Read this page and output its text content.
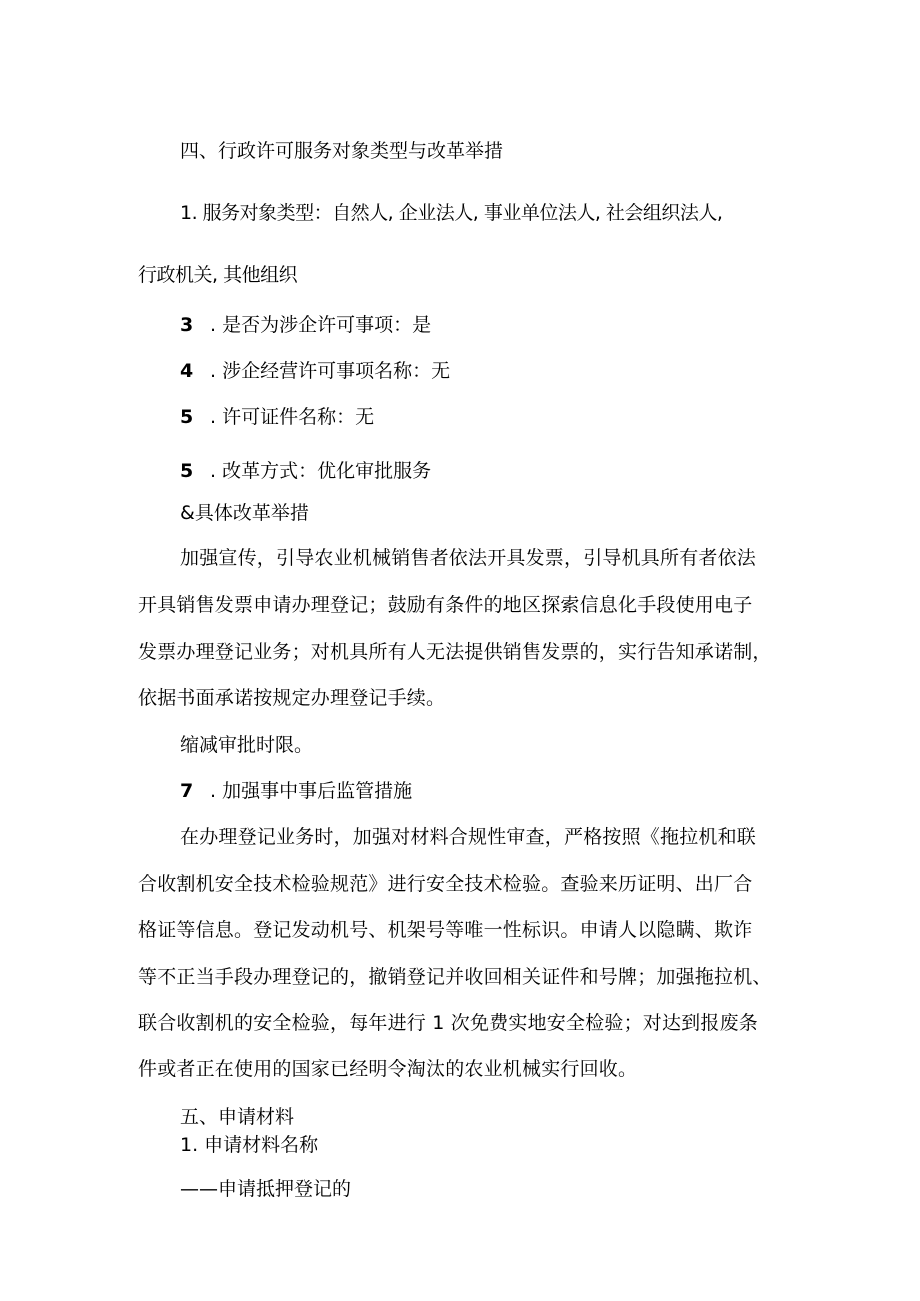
四、行政许可服务对象类型与改革举措
1. 服务对象类型：自然人, 企业法人, 事业单位法人, 社会组织法人,
行政机关, 其他组织
3 . 是否为涉企许可事项：是
4 . 涉企经营许可事项名称：无
5 . 许可证件名称：无
5 . 改革方式：优化审批服务
&具体改革举措
加强宣传，引导农业机械销售者依法开具发票，引导机具所有者依法
开具销售发票申请办理登记；鼓励有条件的地区探索信息化手段使用电子
发票办理登记业务；对机具所有人无法提供销售发票的，实行告知承诺制，
依据书面承诺按规定办理登记手续。
缩减审批时限。
7 . 加强事中事后监管措施
在办理登记业务时，加强对材料合规性审查，严格按照《拖拉机和联
合收割机安全技术检验规范》进行安全技术检验。查验来历证明、出厂合
格证等信息。登记发动机号、机架号等唯一性标识。申请人以隐瞒、欺诈
等不正当手段办理登记的，撤销登记并收回相关证件和号牌；加强拖拉机、
联合收割机的安全检验，每年进行 1 次免费实地安全检验；对达到报废条
件或者正在使用的国家已经明令淘汰的农业机械实行回收。
五、申请材料
1. 申请材料名称
——申请抵押登记的
